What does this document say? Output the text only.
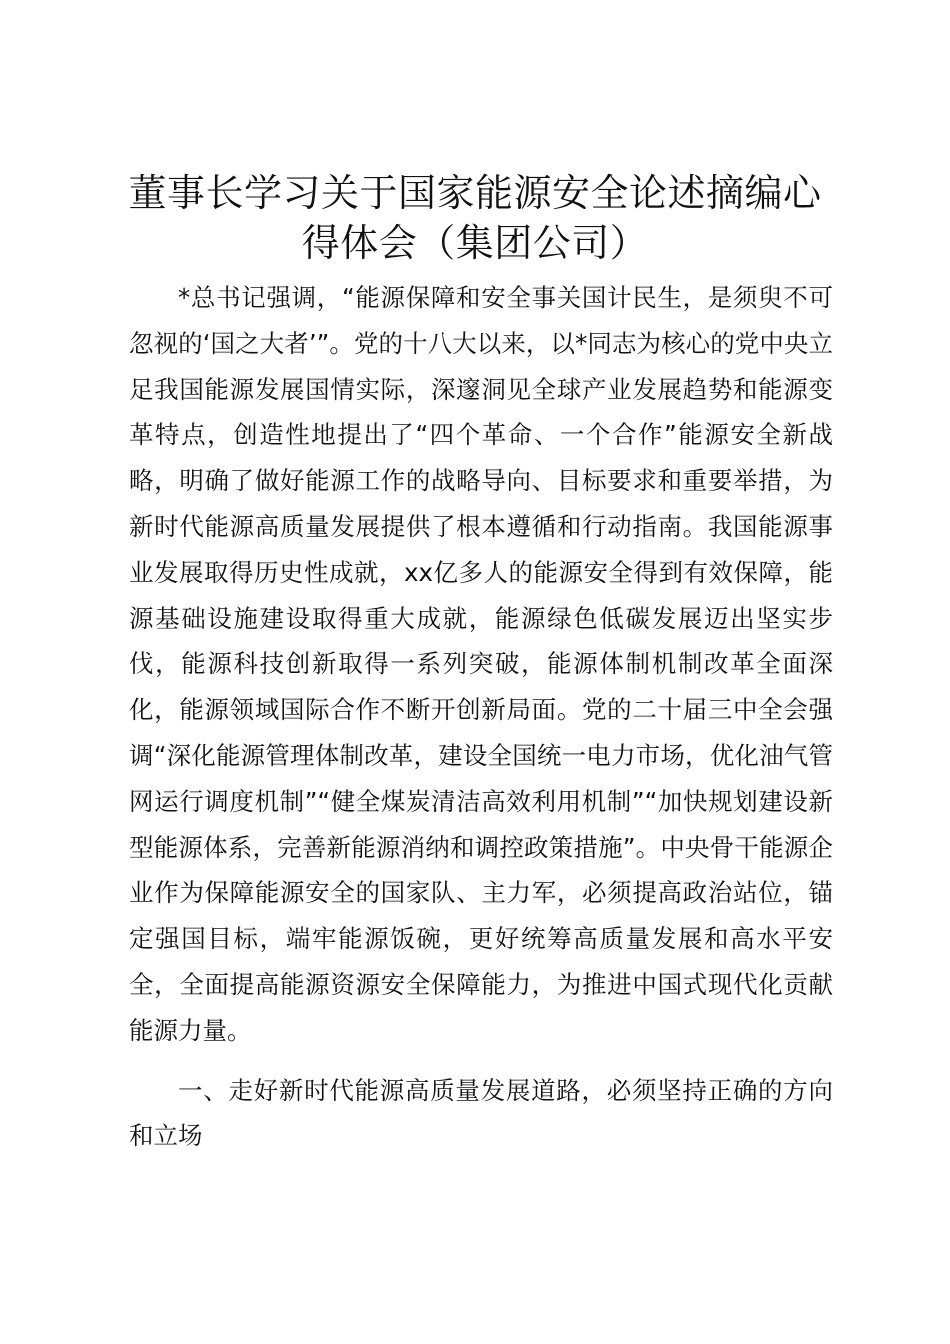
董事长学习关于国家能源安全论述摘编心得体会（集团公司）

*总书记强调，“能源保障和安全事关国计民生，是须臾不可忽视的‘国之大者’”。党的十八大以来，以*同志为核心的党中央立足我国能源发展国情实际，深邃洞见全球产业发展趋势和能源变革特点，创造性地提出了“四个革命、一个合作”能源安全新战略，明确了做好能源工作的战略导向、目标要求和重要举措，为新时代能源高质量发展提供了根本遵循和行动指南。我国能源事业发展取得历史性成就，xx亿多人的能源安全得到有效保障，能源基础设施建设取得重大成就，能源绿色低碳发展迈出坚实步伐，能源科技创新取得一系列突破，能源体制机制改革全面深化，能源领域国际合作不断开创新局面。党的二十届三中全会强调“深化能源管理体制改革，建设全国统一电力市场，优化油气管网运行调度机制”“健全煤炭清洁高效利用机制”“加快规划建设新型能源体系，完善新能源消纳和调控政策措施”。中央骨干能源企业作为保障能源安全的国家队、主力军，必须提高政治站位，锚定强国目标，端牢能源饭碗，更好统筹高质量发展和高水平安全，全面提高能源资源安全保障能力，为推进中国式现代化贡献能源力量。

一、走好新时代能源高质量发展道路，必须坚持正确的方向和立场
